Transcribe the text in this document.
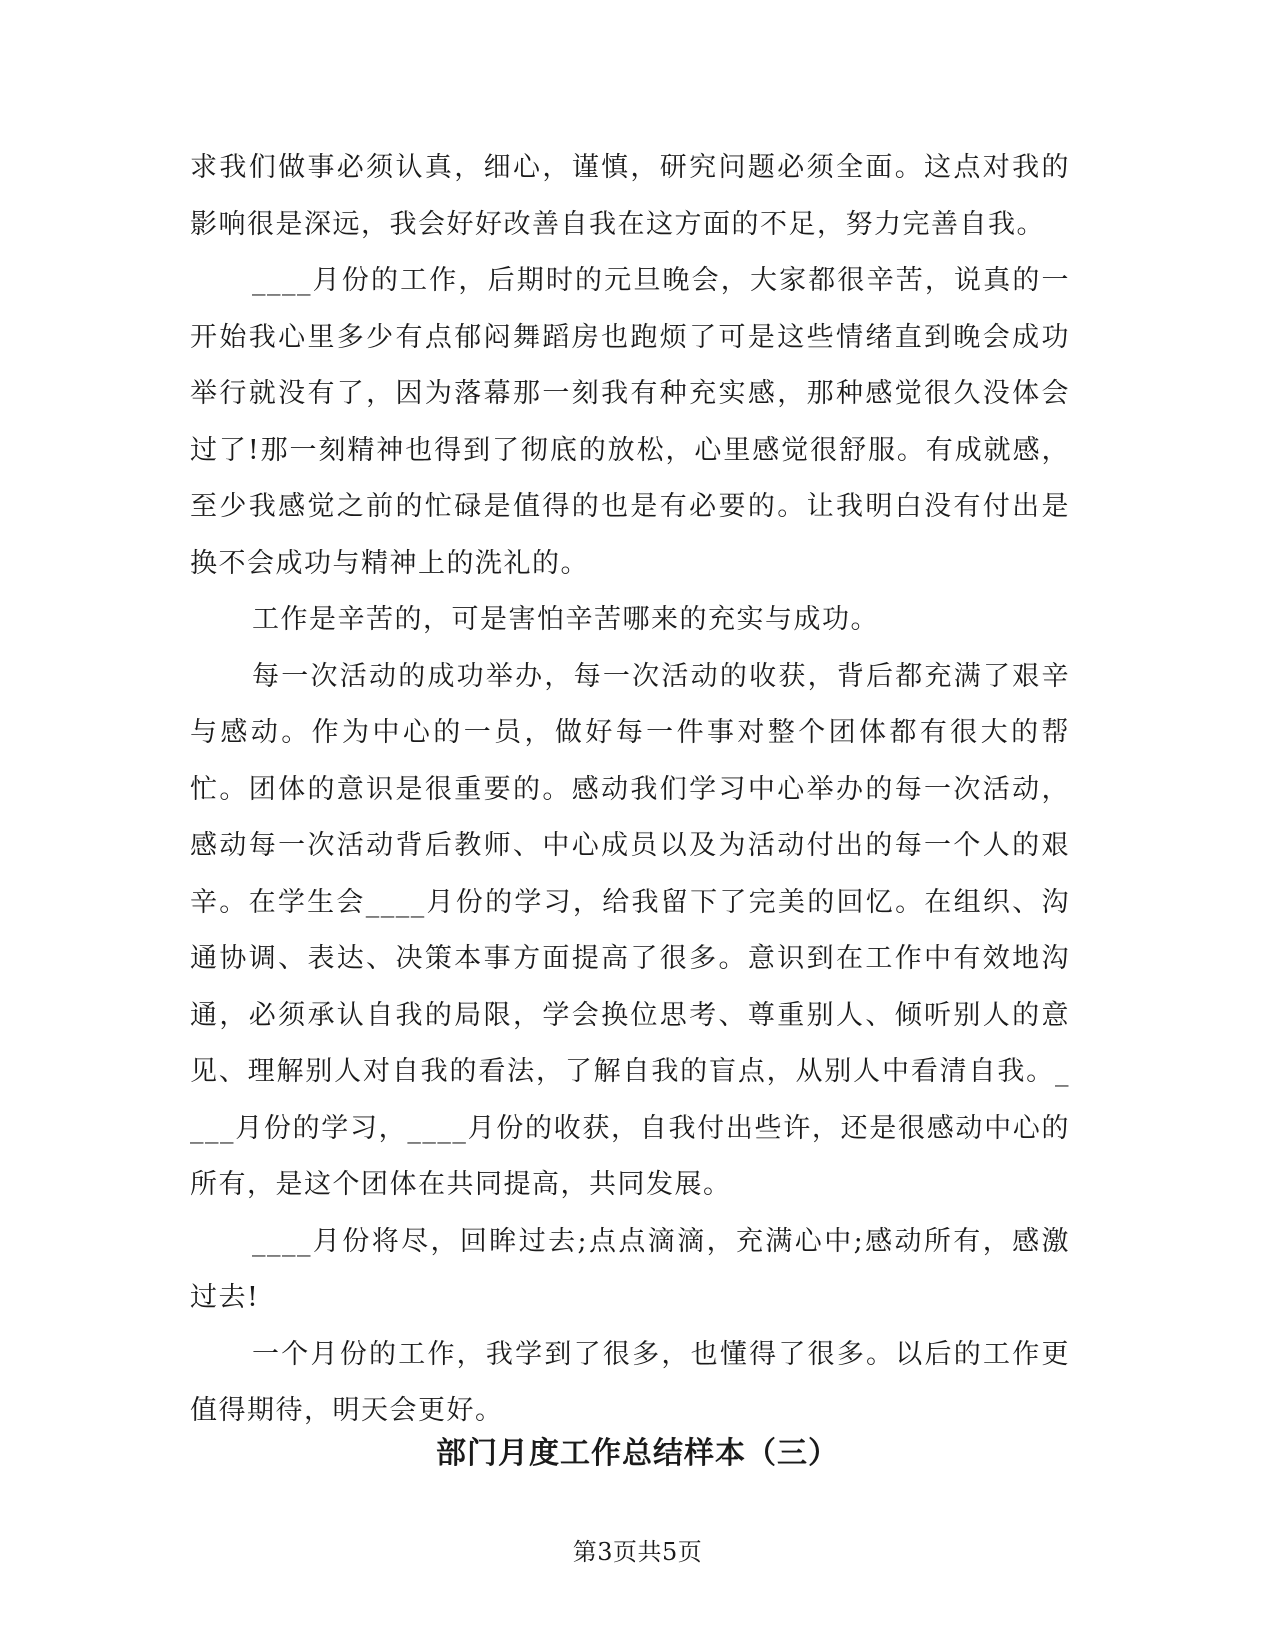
求我们做事必须认真，细心，谨慎，研究问题必须全面。这点对我的影响很是深远，我会好好改善自我在这方面的不足，努力完善自我。

____月份的工作，后期时的元旦晚会，大家都很辛苦，说真的一开始我心里多少有点郁闷舞蹈房也跑烦了可是这些情绪直到晚会成功举行就没有了，因为落幕那一刻我有种充实感，那种感觉很久没体会过了!那一刻精神也得到了彻底的放松，心里感觉很舒服。有成就感，至少我感觉之前的忙碌是值得的也是有必要的。让我明白没有付出是换不会成功与精神上的洗礼的。

工作是辛苦的，可是害怕辛苦哪来的充实与成功。

每一次活动的成功举办，每一次活动的收获，背后都充满了艰辛与感动。作为中心的一员，做好每一件事对整个团体都有很大的帮忙。团体的意识是很重要的。感动我们学习中心举办的每一次活动，感动每一次活动背后教师、中心成员以及为活动付出的每一个人的艰辛。在学生会____月份的学习，给我留下了完美的回忆。在组织、沟通协调、表达、决策本事方面提高了很多。意识到在工作中有效地沟通，必须承认自我的局限，学会换位思考、尊重别人、倾听别人的意见、理解别人对自我的看法，了解自我的盲点，从别人中看清自我。____月份的学习，____月份的收获，自我付出些许，还是很感动中心的所有，是这个团体在共同提高，共同发展。

____月份将尽，回眸过去;点点滴滴，充满心中;感动所有，感激过去!

一个月份的工作，我学到了很多，也懂得了很多。以后的工作更值得期待，明天会更好。

部门月度工作总结样本（三）
第3页共5页
